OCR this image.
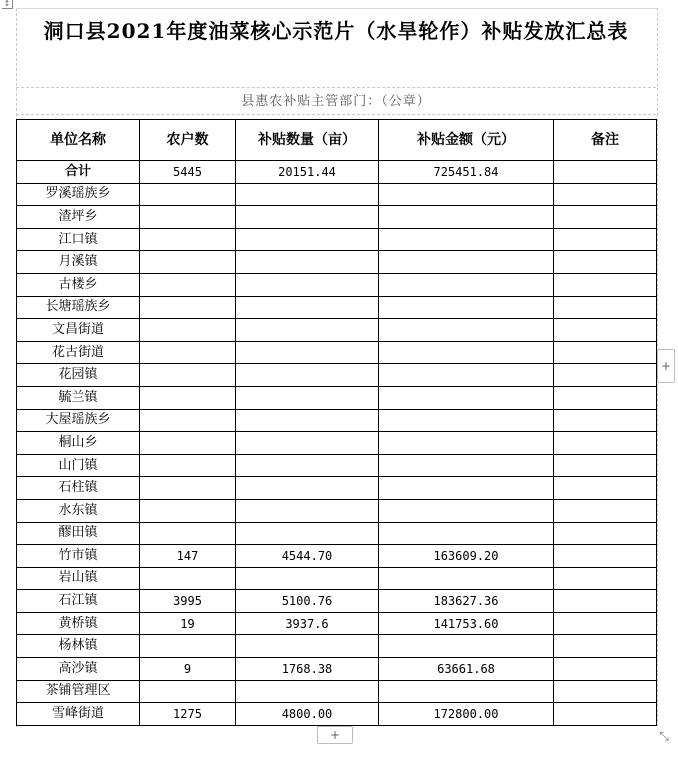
↕
洞口县2021年度油菜核心示范片（水旱轮作）补贴发放汇总表
县惠农补贴主管部门：（公章）
单位名称	农户数	补贴数量（亩）	补贴金额（元）	备注
合计	5445	20151.44	725451.84	
罗溪瑶族乡				
渣坪乡				
江口镇				
月溪镇				
古楼乡				
长塘瑶族乡				
文昌街道				
花古街道				
花园镇				
毓兰镇				
大屋瑶族乡				
桐山乡				
山门镇				
石柱镇				
水东镇				
醪田镇				
竹市镇	147	4544.70	163609.20	
岩山镇				
石江镇	3995	5100.76	183627.36	
黄桥镇	19	3937.6	141753.60	
杨林镇				
高沙镇	9	1768.38	63661.68	
茶铺管理区				
雪峰街道	1275	4800.00	172800.00	
+
+	⤡
